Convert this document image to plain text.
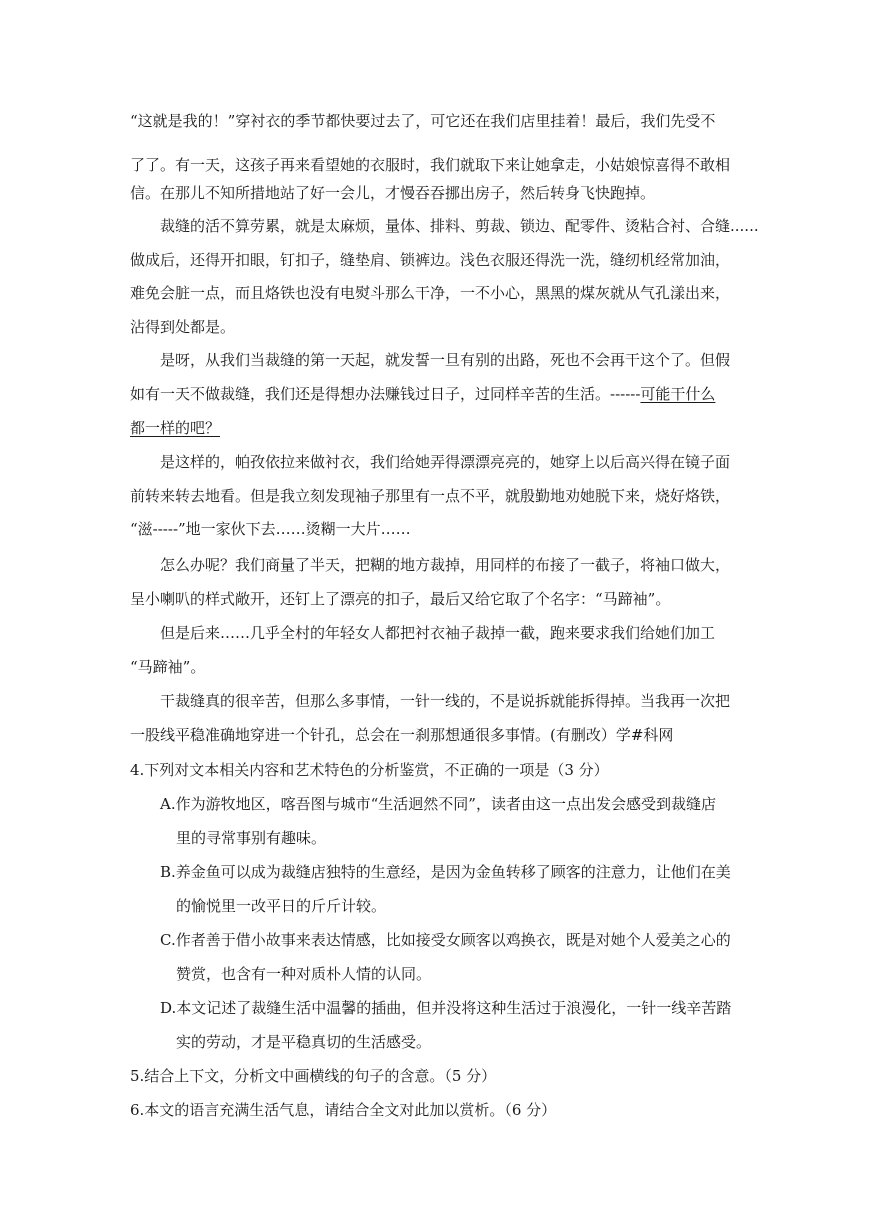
“这就是我的！”穿衬衣的季节都快要过去了，可它还在我们店里挂着！最后，我们先受不
了了。有一天，这孩子再来看望她的衣服时，我们就取下来让她拿走，小姑娘惊喜得不敢相
信。在那儿不知所措地站了好一会儿，才慢吞吞挪出房子，然后转身飞快跑掉。
裁缝的活不算劳累，就是太麻烦，量体、排料、剪裁、锁边、配零件、烫粘合衬、合缝......
做成后，还得开扣眼，钉扣子，缝垫肩、锁裤边。浅色衣服还得洗一洗，缝纫机经常加油，
难免会脏一点，而且烙铁也没有电熨斗那么干净，一不小心，黑黑的煤灰就从气孔漾出来，
沾得到处都是。
是呀，从我们当裁缝的第一天起，就发誓一旦有别的出路，死也不会再干这个了。但假
如有一天不做裁缝，我们还是得想办法赚钱过日子，过同样辛苦的生活。------可能干什么
都一样的吧？
是这样的，帕孜依拉来做衬衣，我们给她弄得漂漂亮亮的，她穿上以后高兴得在镜子面
前转来转去地看。但是我立刻发现袖子那里有一点不平，就殷勤地劝她脱下来，烧好烙铁，
“滋-----”地一家伙下去……烫糊一大片……
怎么办呢？我们商量了半天，把糊的地方裁掉，用同样的布接了一截子，将袖口做大，
呈小喇叭的样式敞开，还钉上了漂亮的扣子，最后又给它取了个名字：“马蹄袖”。
但是后来……几乎全村的年轻女人都把衬衣袖子裁掉一截，跑来要求我们给她们加工
“马蹄袖”。
干裁缝真的很辛苦，但那么多事情，一针一线的，不是说拆就能拆得掉。当我再一次把
一股线平稳准确地穿进一个针孔，总会在一刹那想通很多事情。(有删改）学#科网
4.下列对文本相关内容和艺术特色的分析鉴赏，不正确的一项是（3 分）
A.作为游牧地区，喀吾图与城市“生活迥然不同”，读者由这一点出发会感受到裁缝店
里的寻常事别有趣味。
B.养金鱼可以成为裁缝店独特的生意经，是因为金鱼转移了顾客的注意力，让他们在美
的愉悦里一改平日的斤斤计较。
C.作者善于借小故事来表达情感，比如接受女顾客以鸡换衣，既是对她个人爱美之心的
赞赏，也含有一种对质朴人情的认同。
D.本文记述了裁缝生活中温馨的插曲，但并没将这种生活过于浪漫化，一针一线辛苦踏
实的劳动，才是平稳真切的生活感受。
5.结合上下文，分析文中画横线的句子的含意。（5 分）
6.本文的语言充满生活气息，请结合全文对此加以赏析。（6 分）
